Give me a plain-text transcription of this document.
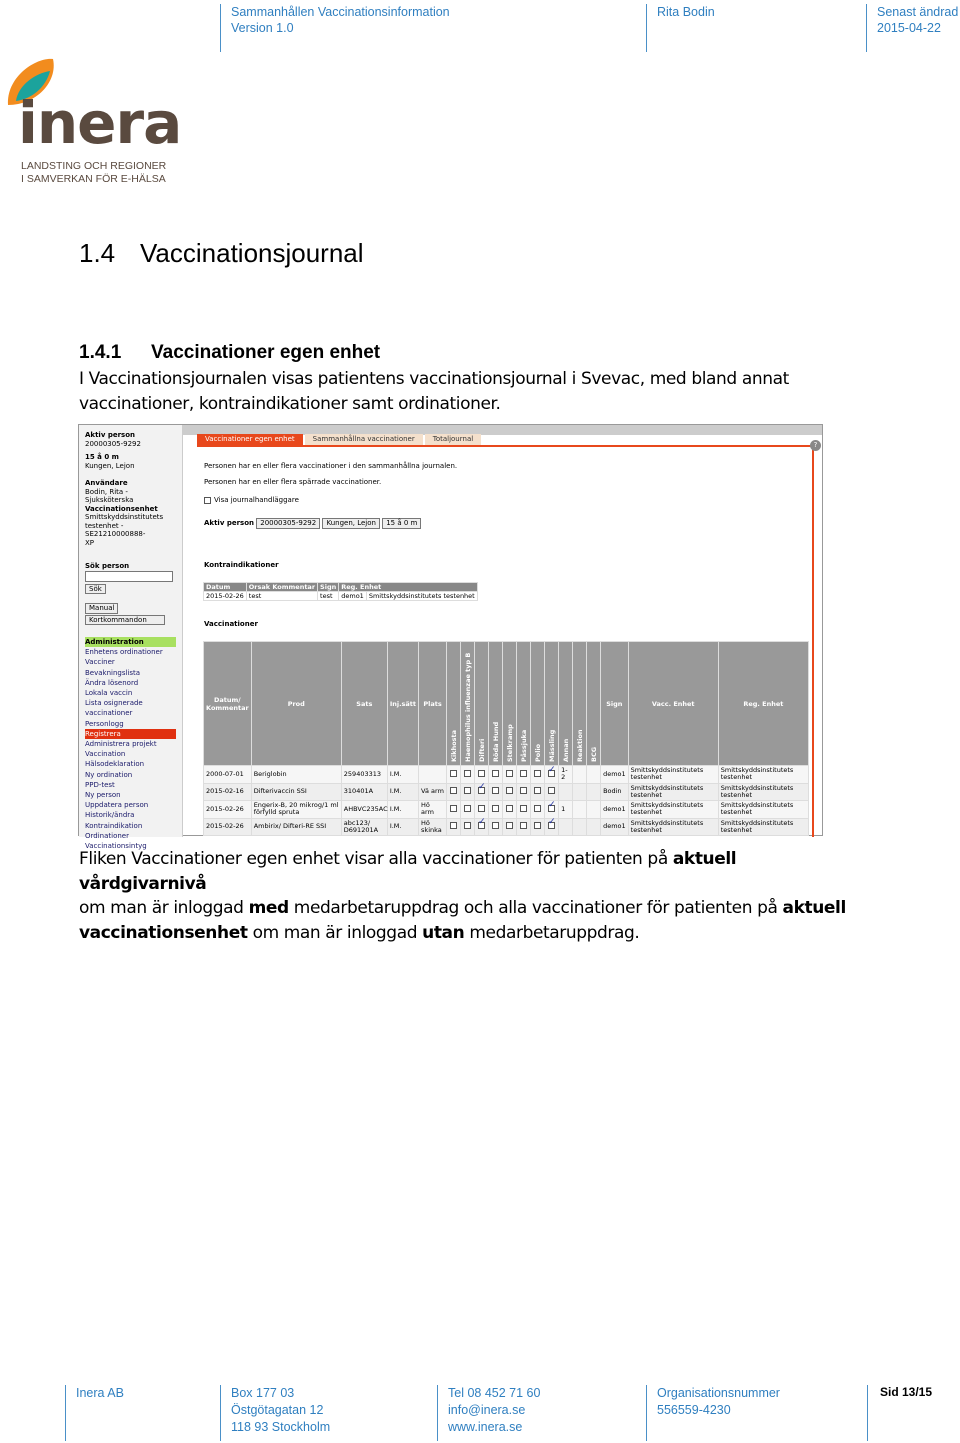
Sammanhållen Vaccinationsinformation
Version 1.0
Rita Bodin	Senast ändrad
2015-04-22
inera
LANDSTING OCH REGIONER
I SAMVERKAN FÖR E-HÄLSA
1.4 Vaccinationsjournal
1.4.1 Vaccinationer egen enhet
I Vaccinationsjournalen visas patientens vaccinationsjournal i Svevac, med bland annat
vaccinationer, kontraindikationer samt ordinationer.
Aktiv person
20000305-9292
15 å 0 m
Kungen, Lejon
Användare
Bodin, Rita - Sjuksköterska
Vaccinationsenhet
Smittskyddsinstitutets
testenhet - SE21210000888-
XP
Sök person
Sök
Manual
Kortkommandon
Administration
Enhetens ordinationer
Vacciner
Bevakningslista
Ändra lösenord
Lokala vaccin
Lista osignerade
vaccinationer
Personlogg
Registrera
Administrera projekt
Vaccination
Hälsodeklaration
Ny ordination
PPD-test
Ny person
Uppdatera person
Historik/ändra
Kontraindikation
Ordinationer
Vaccinationsintyg
Vaccinationer egen enhet	Sammanhållna vaccinationer	Totaljournal
?
Personen har en eller flera vaccinationer i den sammanhållna journalen.
Personen har en eller flera spärrade vaccinationer.
Visa journalhandläggare
Aktiv person 20000305-9292 Kungen, Lejon 15 å 0 m
Kontraindikationer
Datum	Orsak Kommentar	Sign	Reg. Enhet	
2015-02-26	test	test	demo1	Smittskyddsinstitutets testenhet
Vaccinationer
Datum/ Kommentar	Prod	Sats	Inj.sätt	Plats	Kikhosta	Haemophilus influenzae typ B	Difteri	Röda Hund	Stelkramp	Påssjuka	Polio	Mässling	Annan	Reaktion	BCG	Sign	Vacc. Enhet	Reg. Enhet
2000-07-01	Beriglobin	259403313	I.M.									✓	1-2			demo1	Smittskyddsinstitutets testenhet	Smittskyddsinstitutets testenhet
2015-02-16	Difterivaccin SSI	310401A	I.M.	Vä arm			✓									Bodin	Smittskyddsinstitutets testenhet	Smittskyddsinstitutets testenhet
2015-02-26	Engerix-B, 20 mikrog/1 ml förfylld spruta	AHBVC235AC	I.M.	Hö arm								✓	1			demo1	Smittskyddsinstitutets testenhet	Smittskyddsinstitutets testenhet
2015-02-26	Ambirix/ Difteri-RE SSI	abc123/ D691201A	I.M.	Hö skinka			✓					✓				demo1	Smittskyddsinstitutets testenhet	Smittskyddsinstitutets testenhet
Fliken Vaccinationer egen enhet visar alla vaccinationer för patienten på aktuell vårdgivarnivå
om man är inloggad med medarbetaruppdrag och alla vaccinationer för patienten på aktuell
vaccinationsenhet om man är inloggad utan medarbetaruppdrag.
Inera AB	Box 177 03
Östgötagatan 12
118 93 Stockholm
Tel 08 452 71 60
info@inera.se
www.inera.se
Organisationsnummer
556559-4230
Sid 13/15
